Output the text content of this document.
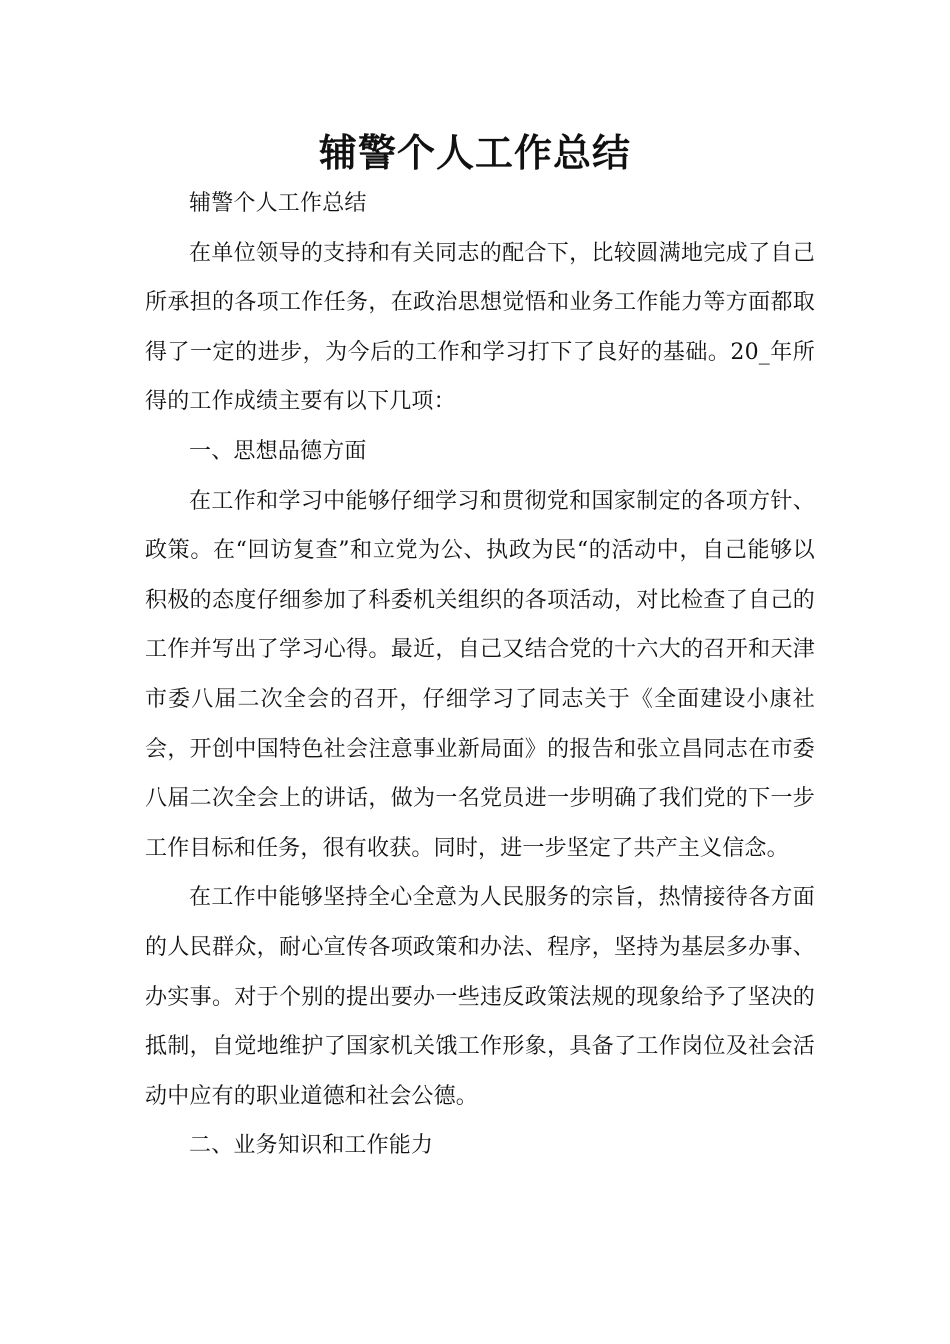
辅警个人工作总结

辅警个人工作总结

在单位领导的支持和有关同志的配合下，比较圆满地完成了自己所承担的各项工作任务，在政治思想觉悟和业务工作能力等方面都取得了一定的进步，为今后的工作和学习打下了良好的基础。20_年所得的工作成绩主要有以下几项：

一、思想品德方面

在工作和学习中能够仔细学习和贯彻党和国家制定的各项方针、政策。在“回访复查”和立党为公、执政为民“的活动中，自己能够以积极的态度仔细参加了科委机关组织的各项活动，对比检查了自己的工作并写出了学习心得。最近，自己又结合党的十六大的召开和天津市委八届二次全会的召开，仔细学习了同志关于《全面建设小康社会，开创中国特色社会注意事业新局面》的报告和张立昌同志在市委八届二次全会上的讲话，做为一名党员进一步明确了我们党的下一步工作目标和任务，很有收获。同时，进一步坚定了共产主义信念。

在工作中能够坚持全心全意为人民服务的宗旨，热情接待各方面的人民群众，耐心宣传各项政策和办法、程序，坚持为基层多办事、办实事。对于个别的提出要办一些违反政策法规的现象给予了坚决的抵制，自觉地维护了国家机关饿工作形象，具备了工作岗位及社会活动中应有的职业道德和社会公德。

二、业务知识和工作能力
